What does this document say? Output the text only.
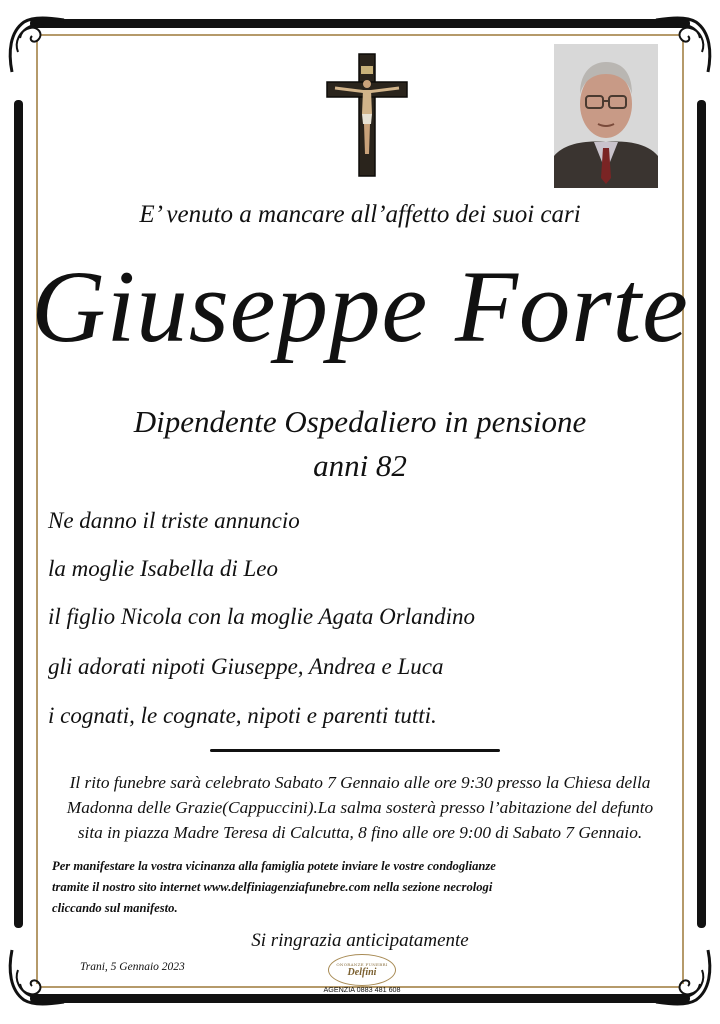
E’ venuto a mancare all’affetto dei suoi cari
Giuseppe Forte
Dipendente Ospedaliero in pensione
anni 82
Ne danno il triste annuncio
la moglie Isabella di Leo
il figlio Nicola con la moglie Agata Orlandino
gli adorati nipoti Giuseppe, Andrea e Luca
i cognati, le cognate, nipoti e parenti tutti.
Il rito funebre sarà celebrato Sabato 7 Gennaio alle ore 9:30 presso la Chiesa della
Madonna delle Grazie(Cappuccini).La salma sosterà presso l’abitazione del defunto
sita in piazza Madre Teresa di Calcutta, 8 fino alle ore 9:00 di Sabato 7 Gennaio.
Per manifestare la vostra vicinanza alla famiglia potete inviare le vostre condoglianze
tramite il nostro sito internet www.delfiniagenziafunebre.com nella sezione necrologi
cliccando sul manifesto.
Si ringrazia anticipatamente
Trani, 5 Gennaio 2023	ONORANZE FUNEBRI
Delfini
AGENZIA 0883 481 608
CELL. 340 282 6772
